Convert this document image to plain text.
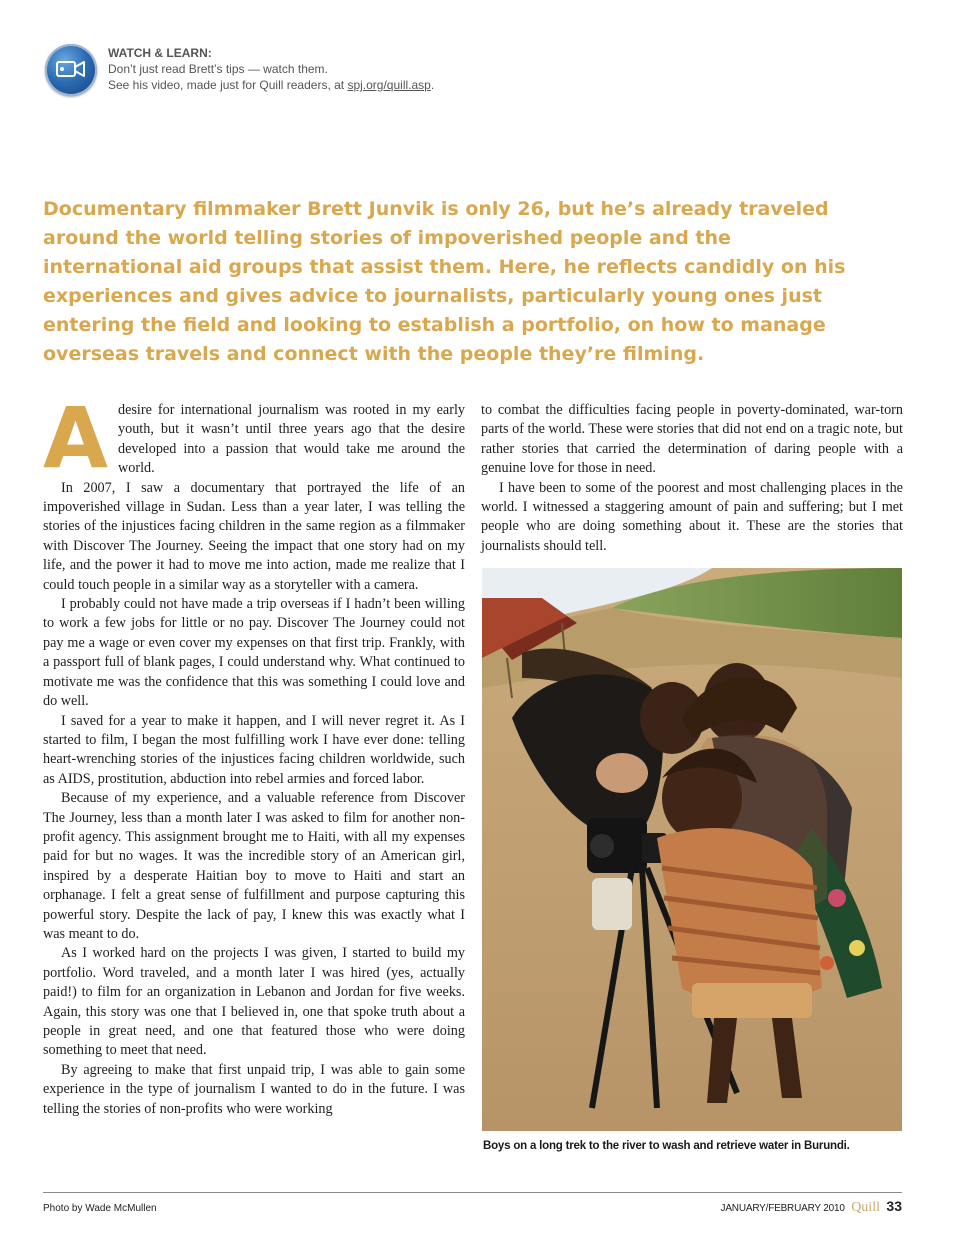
WATCH & LEARN:
Don’t just read Brett’s tips — watch them.
See his video, made just for Quill readers, at spj.org/quill.asp.

Documentary filmmaker Brett Junvik is only 26, but he’s already traveled around the world telling stories of impoverished people and the international aid groups that assist them. Here, he reflects candidly on his experiences and gives advice to journalists, particularly young ones just entering the field and looking to establish a portfolio, on how to manage overseas travels and connect with the people they’re filming.

Adesire for international journalism was rooted in my early youth, but it wasn’t until three years ago that the desire developed into a passion that would take me around the world.

In 2007, I saw a documentary that portrayed the life of an impoverished village in Sudan. Less than a year later, I was telling the stories of the injustices facing children in the same region as a filmmaker with Discover The Journey. Seeing the impact that one story had on my life, and the power it had to move me into action, made me realize that I could touch people in a similar way as a storyteller with a camera.

I probably could not have made a trip overseas if I hadn’t been willing to work a few jobs for little or no pay. Discover The Journey could not pay me a wage or even cover my expenses on that first trip. Frankly, with a passport full of blank pages, I could understand why. What continued to motivate me was the confidence that this was something I could love and do well.

I saved for a year to make it happen, and I will never regret it. As I started to film, I began the most fulfilling work I have ever done: telling heart-wrenching stories of the injustices facing children worldwide, such as AIDS, prostitution, abduction into rebel armies and forced labor.

Because of my experience, and a valuable reference from Discover The Journey, less than a month later I was asked to film for another non-profit agency. This assignment brought me to Haiti, with all my expenses paid for but no wages. It was the incredible story of an American girl, inspired by a desperate Haitian boy to move to Haiti and start an orphanage. I felt a great sense of fulfillment and purpose capturing this powerful story. Despite the lack of pay, I knew this was exactly what I was meant to do.

As I worked hard on the projects I was given, I started to build my portfolio. Word traveled, and a month later I was hired (yes, actually paid!) to film for an organization in Lebanon and Jordan for five weeks. Again, this story was one that I believed in, one that spoke truth about a people in great need, and one that featured those who were doing something to meet that need.

By agreeing to make that first unpaid trip, I was able to gain some experience in the type of journalism I wanted to do in the future. I was telling the stories of non-profits who were working

to combat the difficulties facing people in poverty-dominated, war-torn parts of the world. These were stories that did not end on a tragic note, but rather stories that carried the determination of daring people with a genuine love for those in need.

I have been to some of the poorest and most challenging places in the world. I witnessed a staggering amount of pain and suffering; but I met people who are doing something about it. These are the stories that journalists should tell.

Boys on a long trek to the river to wash and retrieve water in Burundi.
Photo by Wade McMullen	JANUARY/FEBRUARY 2010 Quill 33
